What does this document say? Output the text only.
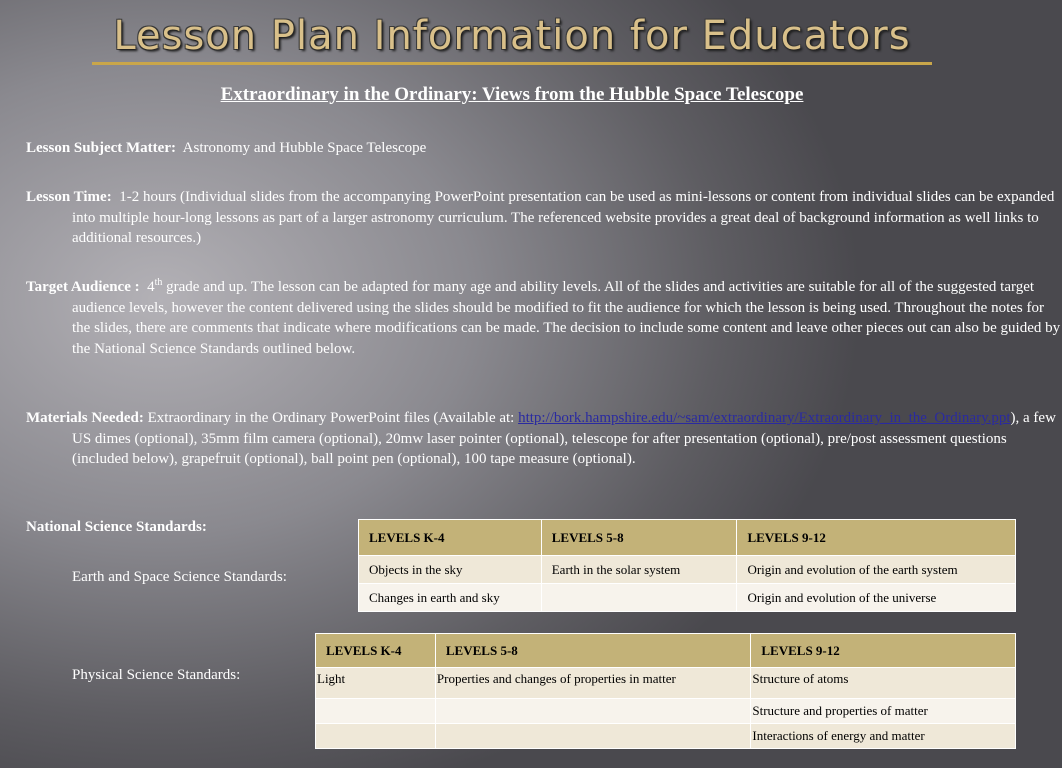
Lesson Plan Information for Educators
Extraordinary in the Ordinary: Views from the Hubble Space Telescope
Lesson Subject Matter: Astronomy and Hubble Space Telescope
Lesson Time: 1-2 hours (Individual slides from the accompanying PowerPoint presentation can be used as mini-lessons or content from individual slides can be expanded into multiple hour-long lessons as part of a larger astronomy curriculum. The referenced website provides a great deal of background information as well links to additional resources.)
Target Audience : 4th grade and up. The lesson can be adapted for many age and ability levels. All of the slides and activities are suitable for all of the suggested target audience levels, however the content delivered using the slides should be modified to fit the audience for which the lesson is being used. Throughout the notes for the slides, there are comments that indicate where modifications can be made. The decision to include some content and leave other pieces out can also be guided by the National Science Standards outlined below.
Materials Needed: Extraordinary in the Ordinary PowerPoint files (Available at: http://bork.hampshire.edu/~sam/extraordinary/Extraordinary_in_the_Ordinary.ppt), a few US dimes (optional), 35mm film camera (optional), 20mw laser pointer (optional), telescope for after presentation (optional), pre/post assessment questions (included below), grapefruit (optional), ball point pen (optional), 100 tape measure (optional).
National Science Standards:
Earth and Space Science Standards:
Physical Science Standards:
LEVELS K-4	LEVELS 5-8	LEVELS 9-12
Objects in the sky	Earth in the solar system	Origin and evolution of the earth system
Changes in earth and sky		Origin and evolution of the universe
LEVELS K-4	LEVELS 5-8	LEVELS 9-12
Light	Properties and changes of properties in matter	Structure of atoms
		Structure and properties of matter
		Interactions of energy and matter
